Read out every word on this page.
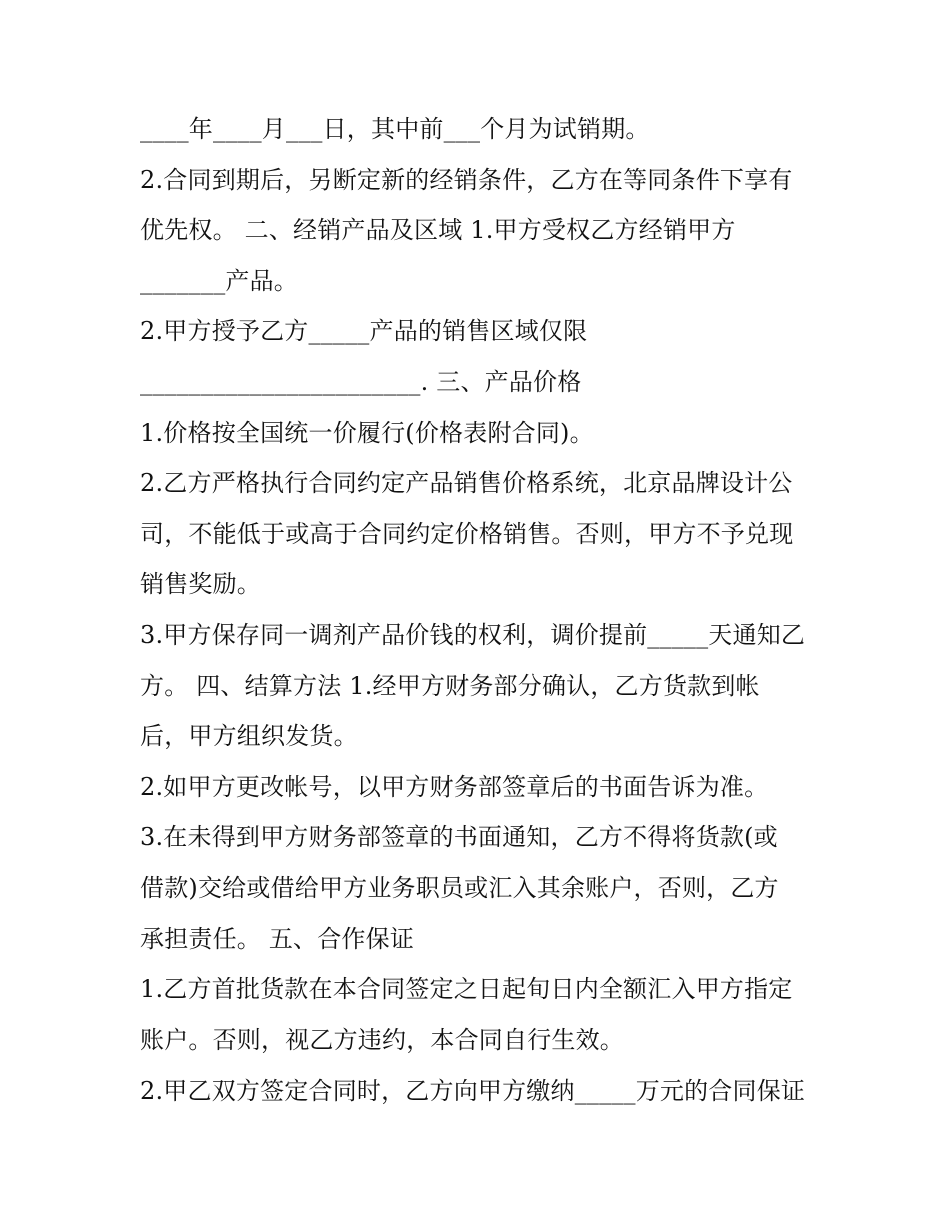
____年____月___日，其中前___个月为试销期。
2.合同到期后，另断定新的经销条件，乙方在等同条件下享有
优先权。 二、经销产品及区域 1.甲方受权乙方经销甲方
_______产品。
2.甲方授予乙方_____产品的销售区域仅限
_______________________. 三、产品价格
1.价格按全国统一价履行(价格表附合同)。
2.乙方严格执行合同约定产品销售价格系统，北京品牌设计公
司，不能低于或高于合同约定价格销售。否则，甲方不予兑现
销售奖励。
3.甲方保存同一调剂产品价钱的权利，调价提前_____天通知乙
方。 四、结算方法 1.经甲方财务部分确认，乙方货款到帐
后，甲方组织发货。
2.如甲方更改帐号，以甲方财务部签章后的书面告诉为准。
3.在未得到甲方财务部签章的书面通知，乙方不得将货款(或
借款)交给或借给甲方业务职员或汇入其余账户，否则，乙方
承担责任。 五、合作保证
1.乙方首批货款在本合同签定之日起旬日内全额汇入甲方指定
账户。否则，视乙方违约，本合同自行生效。
2.甲乙双方签定合同时，乙方向甲方缴纳_____万元的合同保证
